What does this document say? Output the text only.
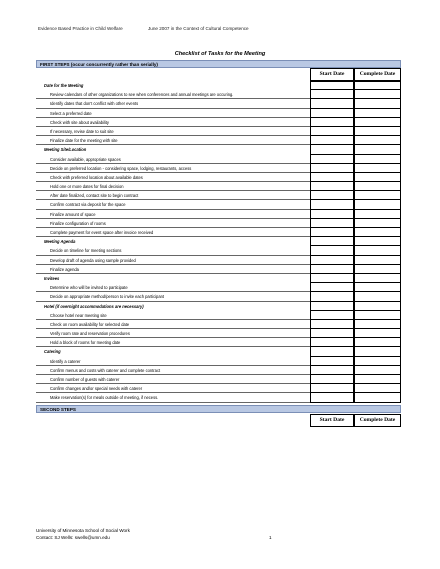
Evidence Based Practice in Child Welfare	June 2007 in the Context of Cultural Competence
Checklist of Tasks for the Meeting
FIRST STEPS (occur concurrently rather than serially)
Start Date	Complete Date
Date for the Meeting
Review calendars of other organizations to see when conferences and annual meetings are occuring.
Identify dates that don't conflict with other events
Select a preferred date
Check with site about availability
If necessary, revise date to suit site
Finalize date for the meeting with site
Meeting Site/Location
Consider available, appropriate spaces
Decide on preferred location - considering space, lodging, restaurants, access
Check with preferred location about available dates
Hold one or more dates for final decision
After date finalized, contact site to begin contract
Confirm contract via deposit for the space
Finalize amount of space
Finalize configuration of rooms
Complete payment for event space after invoice received
Meeting Agenda
Decide on timeline for meeting sections
Develop draft of agenda using sample provided
Finalize agenda
Invitees
Determine who will be invited to participate
Decide on appropriate method/person to invite each participant
Hotel (if overnight accommodations are necessary)
Choose hotel near meeting site
Check on room availability for selected date
Verify room rate and reservation procedures
Hold a block of rooms for meeting date
Catering
Identify a caterer
Confirm menus and costs with caterer and complete contract
Confirm number of guests with caterer
Confirm changes and/or special needs with caterer
Make reservation(s) for meals outside of meeting, if necess.
SECOND STEPS
Start Date	Complete Date
University of Minnesota School of Social Work
Contact: SJ Wells: swells@umn.edu	1
